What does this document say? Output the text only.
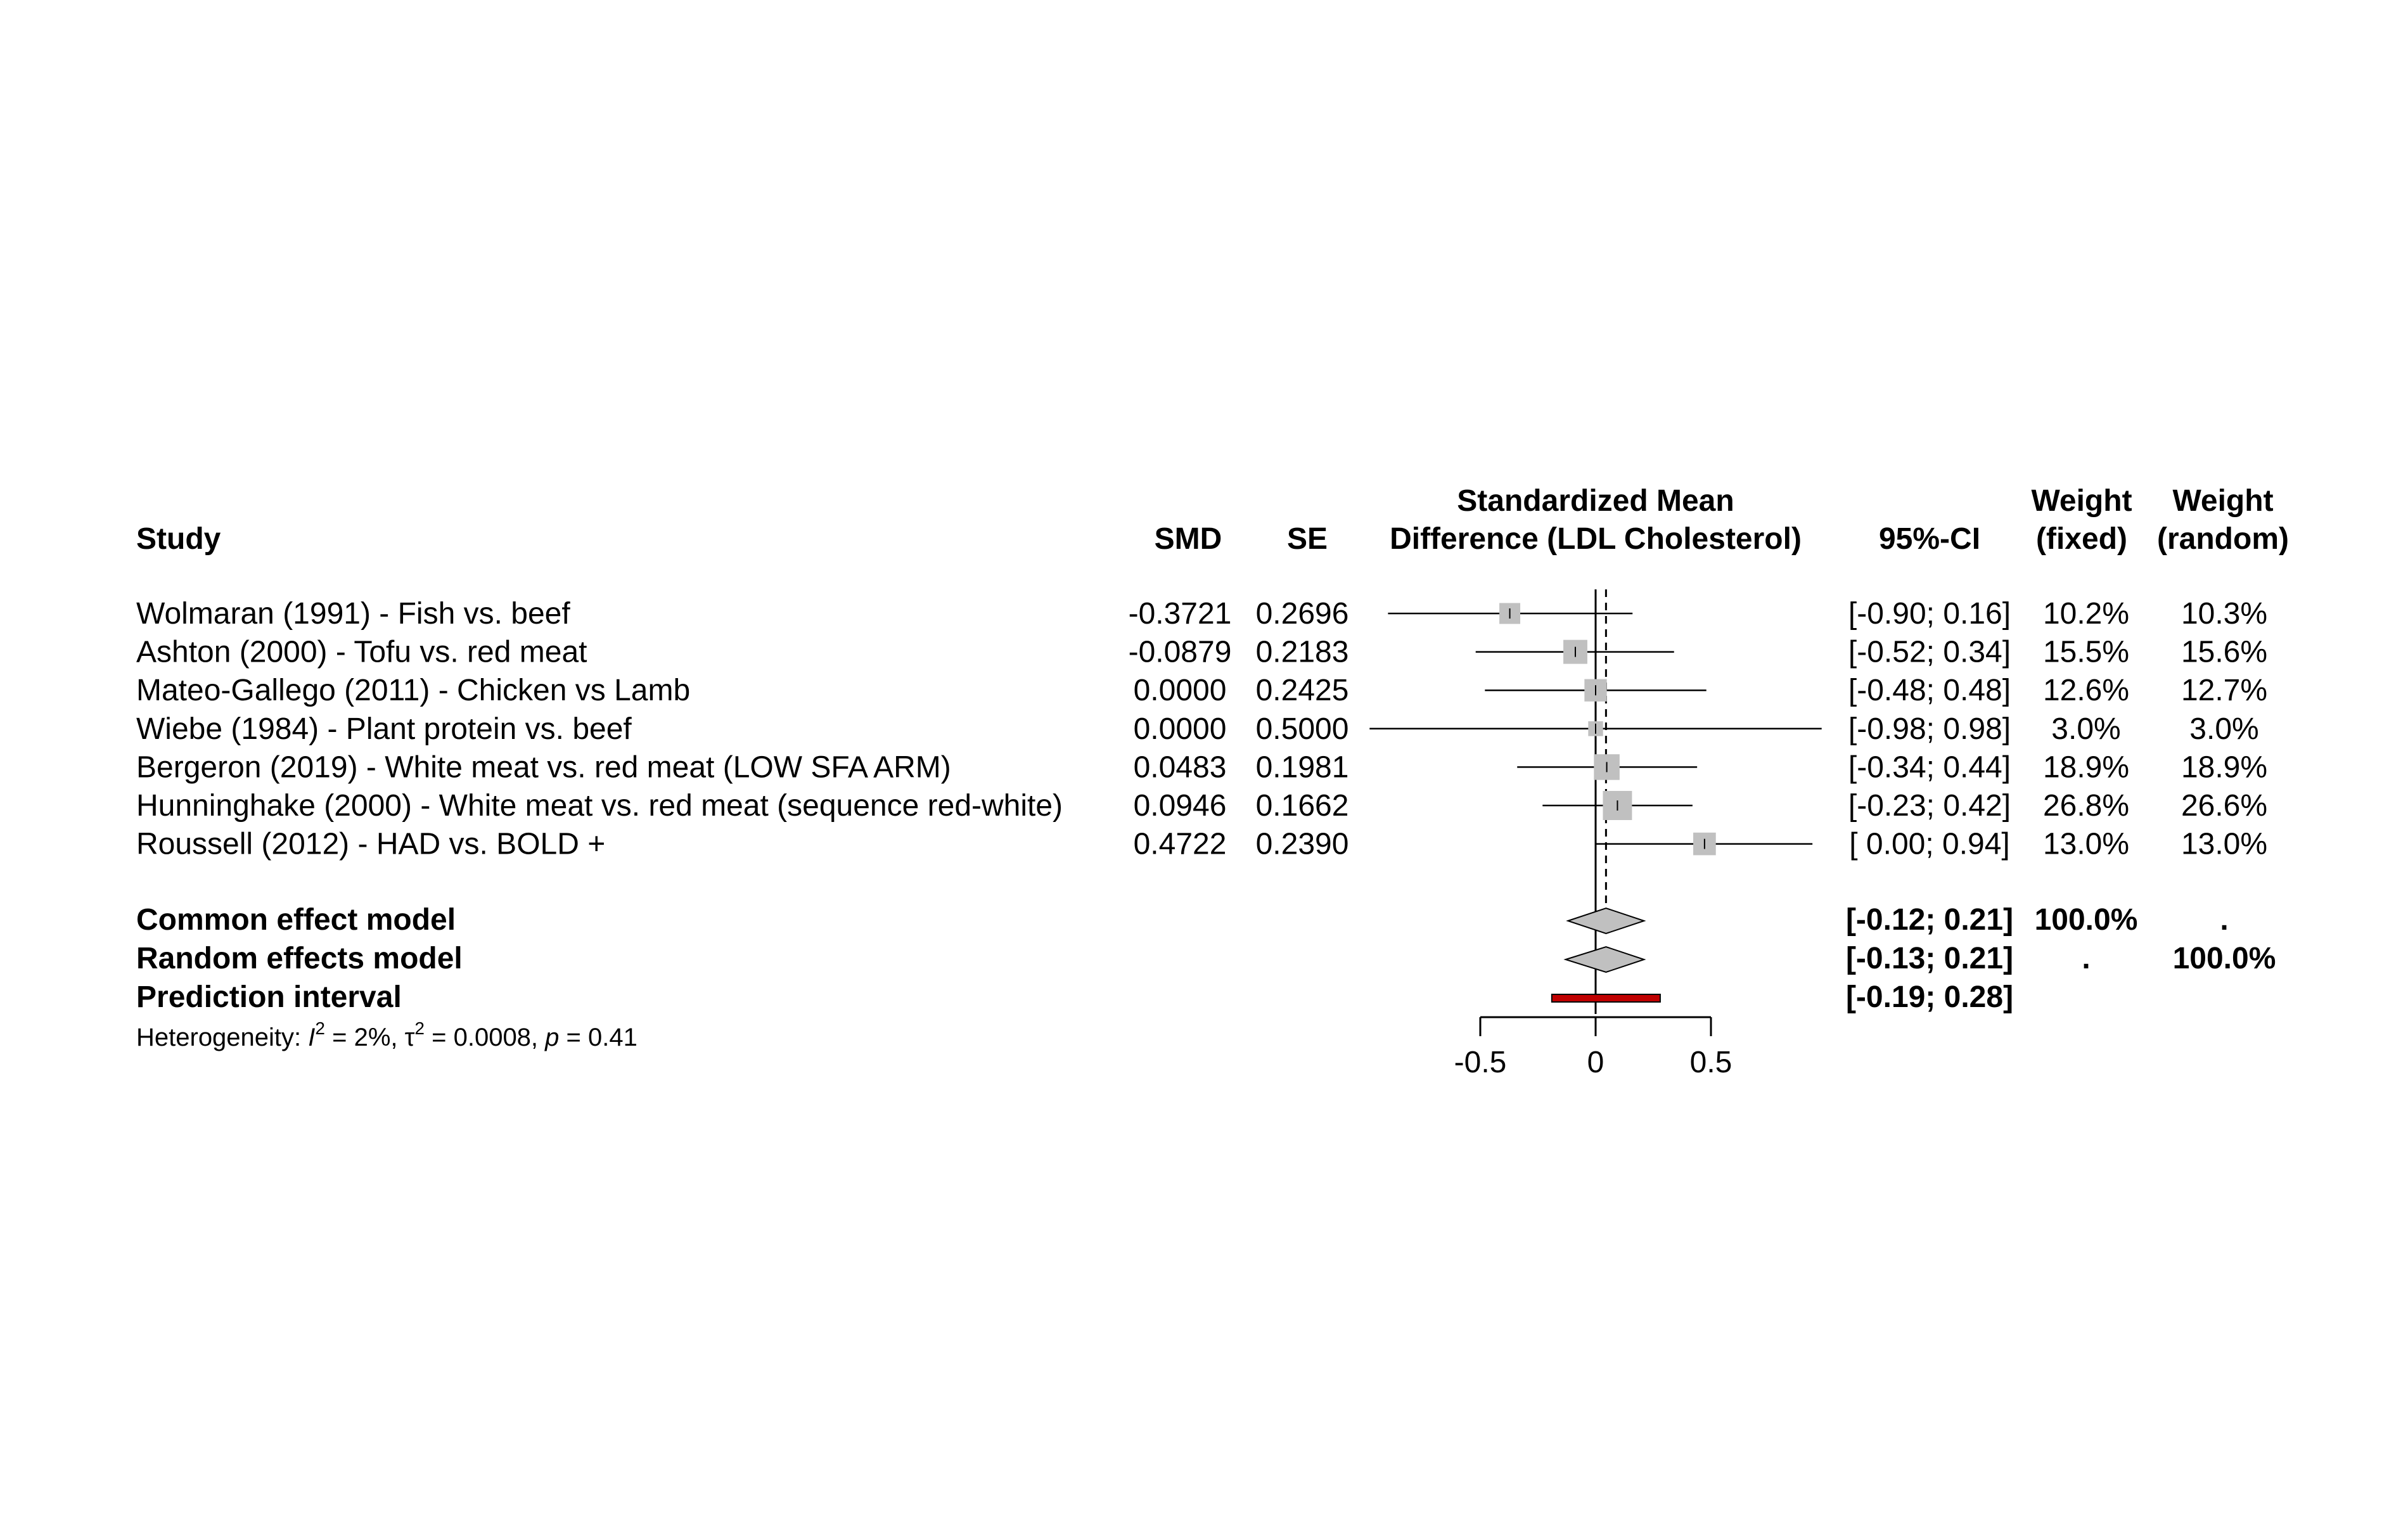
Study	SMD SE
Standardized Mean
Difference (LDL Cholesterol)	95%-CI
Weight
(fixed)
Weight
(random)
Wolmaran (1991) - Fish vs. beef	-0.3721 0.2696	[-0.90; 0.16] 10.2% 10.3%
Ashton (2000) - Tofu vs. red meat	-0.0879 0.2183	[-0.52; 0.34] 15.5% 15.6%
Mateo-Gallego (2011) - Chicken vs Lamb	0.0000 0.2425	[-0.48; 0.48] 12.6% 12.7%
Wiebe (1984) - Plant protein vs. beef	0.0000 0.5000	[-0.98; 0.98] 3.0% 3.0%
Bergeron (2019) - White meat vs. red meat (LOW SFA ARM)	0.0483 0.1981	[-0.34; 0.44] 18.9% 18.9%
Hunninghake (2000) - White meat vs. red meat (sequence red-white) 0.0946 0.1662	[-0.23; 0.42] 26.8% 26.6%
Roussell (2012) - HAD vs. BOLD +	0.4722 0.2390	[ 0.00; 0.94] 13.0% 13.0%
Common effect model	[-0.12; 0.21] 100.0%	.
Random effects model	[-0.13; 0.21] .	100.0%
Prediction interval	[-0.19; 0.28]
Heterogeneity: $I^2 = 2\%$, $\tau^2 = 0.0008$, p = 0.41
-0.5	0	0.5
